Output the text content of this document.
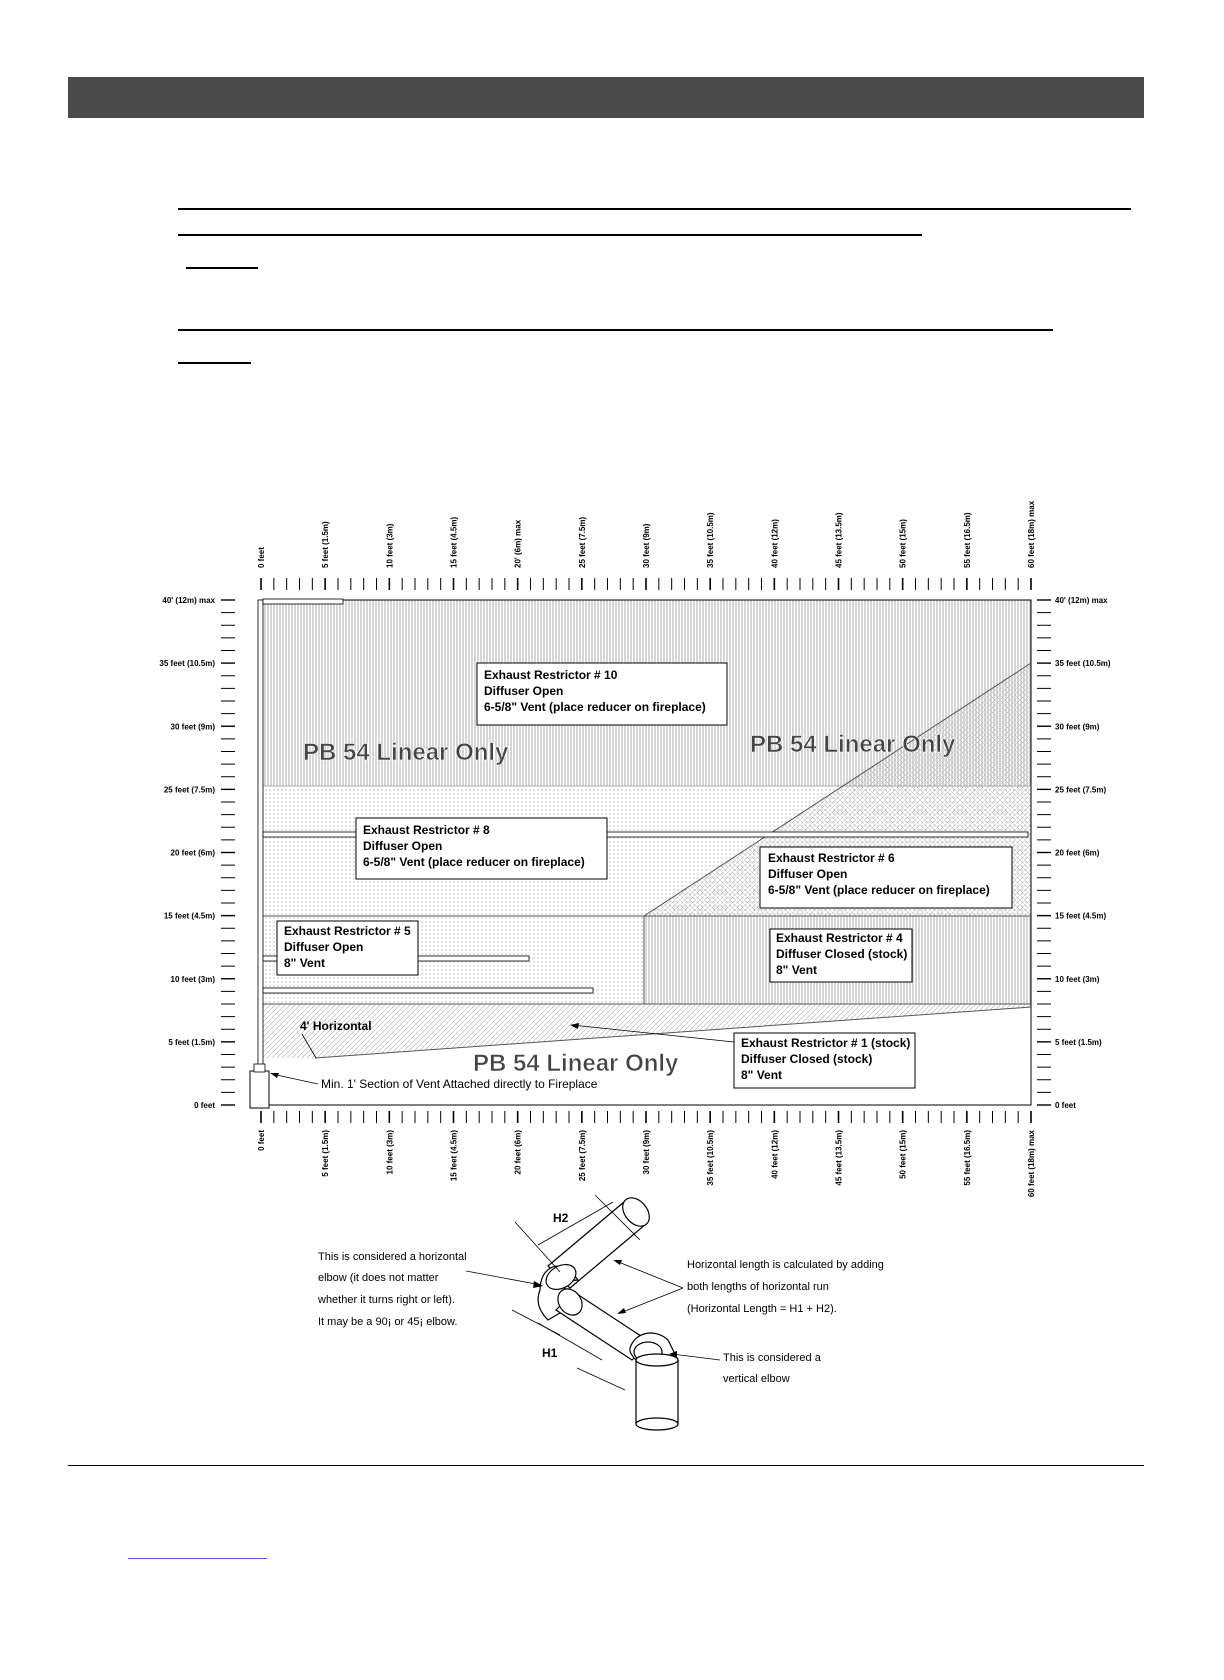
0 feet	5 feet (1.5m)	10 feet (3m)	15 feet (4.5m)	20' (6m) max	25 feet (7.5m)	30 feet (9m)	35 feet (10.5m)	40 feet (12m)	45 feet (13.5m)	50 feet (15m)	55 feet (16.5m)	60 feet (18m) max
0 feet	5 feet (1.5m)	10 feet (3m)	15 feet (4.5m)	20 feet (6m)	25 feet (7.5m)	30 feet (9m)	35 feet (10.5m)	40 feet (12m)	45 feet (13.5m)	50 feet (15m)	55 feet (16.5m)	60 feet (18m) max
0 feet
5 feet (1.5m)
10 feet (3m)
15 feet (4.5m)
20 feet (6m)
25 feet (7.5m)
30 feet (9m)
35 feet (10.5m)
40' (12m) max
0 feet
5 feet (1.5m)
10 feet (3m)
15 feet (4.5m)
20 feet (6m)
25 feet (7.5m)
30 feet (9m)
35 feet (10.5m)
40' (12m) max
Exhaust Restrictor # 10
Diffuser Open
6-5/8" Vent (place reducer on fireplace)
Exhaust Restrictor # 8
Diffuser Open
6-5/8" Vent (place reducer on fireplace)	Exhaust Restrictor # 6
Diffuser Open
6-5/8" Vent (place reducer on fireplace)
Exhaust Restrictor # 5
Diffuser Open
8" Vent
Exhaust Restrictor # 4
Diffuser Closed (stock)
8" Vent
Exhaust Restrictor # 1 (stock)
Diffuser Closed (stock)
8" Vent
PB 54 Linear Only	PB 54 Linear Only
PB 54 Linear Only
4' Horizontal
Min. 1' Section of Vent Attached directly to Fireplace
H2
H1
This is considered a horizontal
elbow (it does not matter
whether it turns right or left).
It may be a 90¡ or 45¡ elbow.
Horizontal length is calculated by adding
both lengths of horizontal run
(Horizontal Length = H1 + H2).
This is considered a
vertical elbow
